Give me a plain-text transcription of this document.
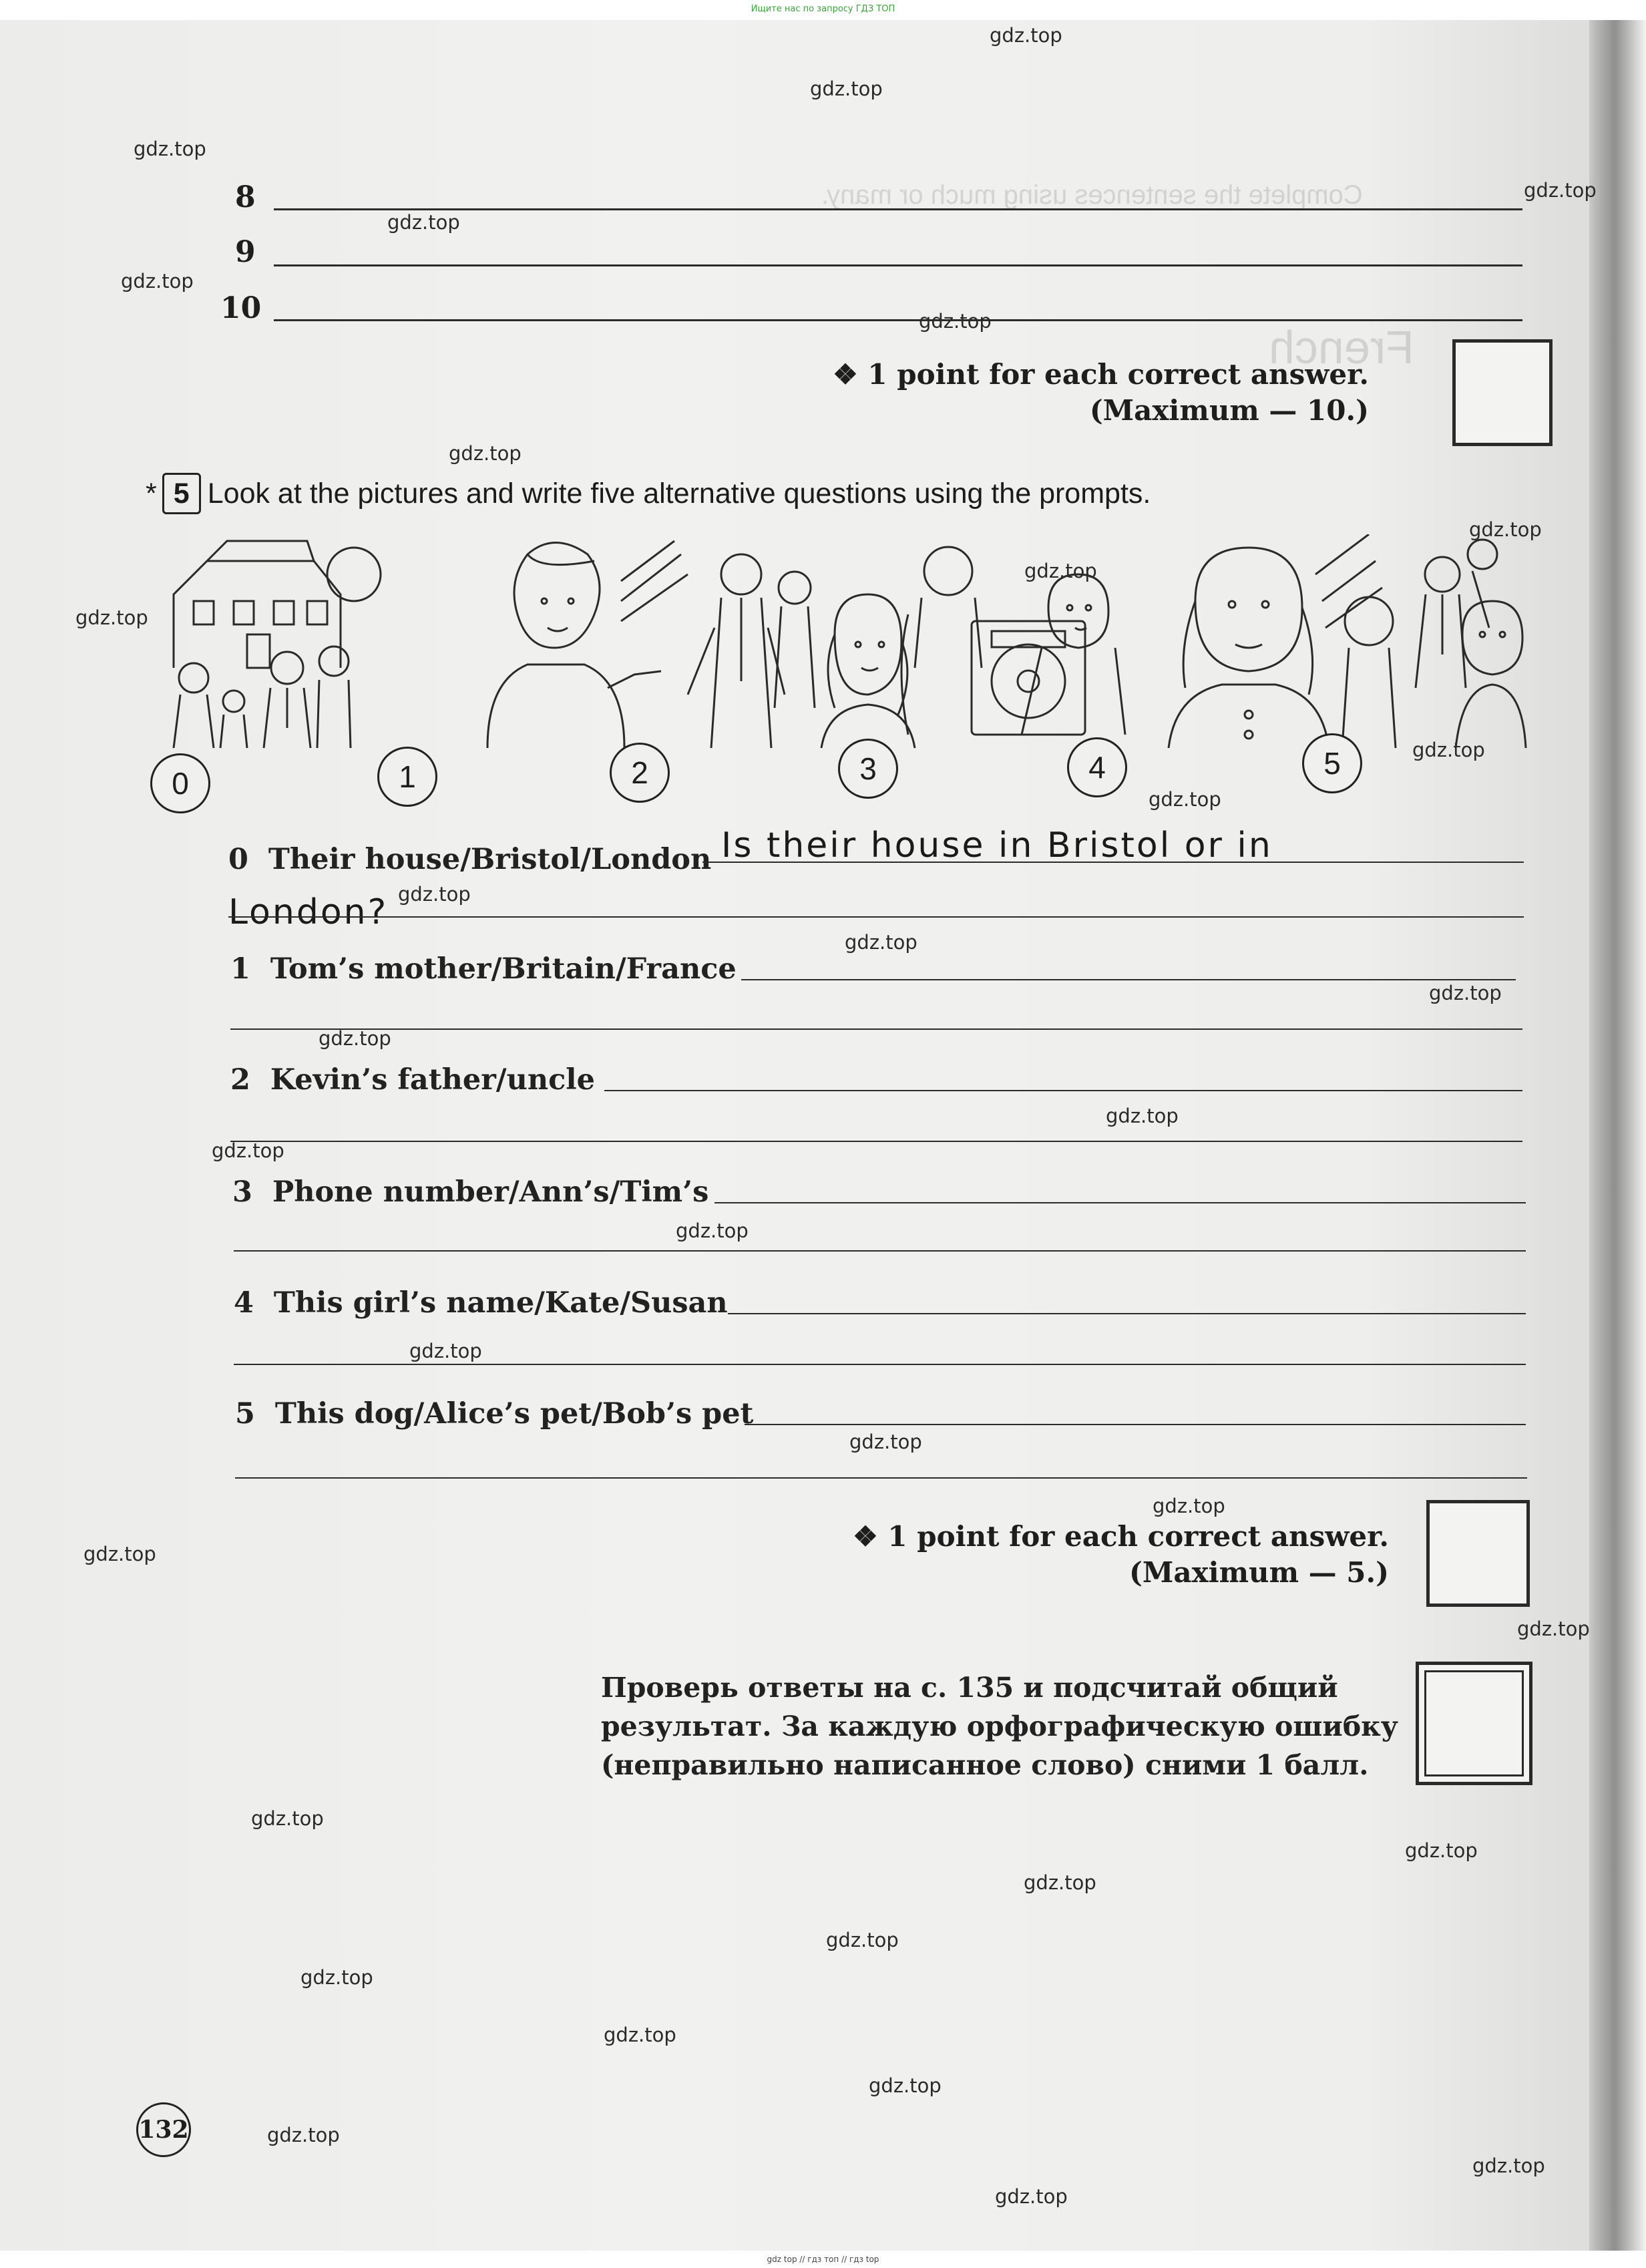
Complete the sentences using much or many.
French
Ищите нас по запросу ГДЗ ТОП
8
9
10
❖ 1 point for each correct answer.
(Maximum — 10.)
* 5 Look at the pictures and write five alternative questions using the prompts.
0	1	2	3	4	5
0 Their house/Bristol/London Is their house in Bristol or in
London?
1 Tom’s mother/Britain/France
2 Kevin’s father/uncle
3 Phone number/Ann’s/Tim’s
4 This girl’s name/Kate/Susan
5 This dog/Alice’s pet/Bob’s pet
❖ 1 point for each correct answer.
(Maximum — 5.)
Проверь ответы на с. 135 и подсчитай общий
результат. За каждую орфографическую ошибку
(неправильно написанное слово) сними 1 балл.
132
gdz.top
gdz.top
gdz.top
gdz.top
gdz.top
gdz.top
gdz.top
gdz.top
gdz.top
gdz.top
gdz.top
gdz.top
gdz.top
gdz.top
gdz.top
gdz.top
gdz.top
gdz.top
gdz.top
gdz.top
gdz.top
gdz.top
gdz.top
gdz.top
gdz.top
gdz.top
gdz.top
gdz.top
gdz.top
gdz.top
gdz.top
gdz.top
gdz.top
gdz.top
gdz.top
gdz top // гдз топ // гдз top
